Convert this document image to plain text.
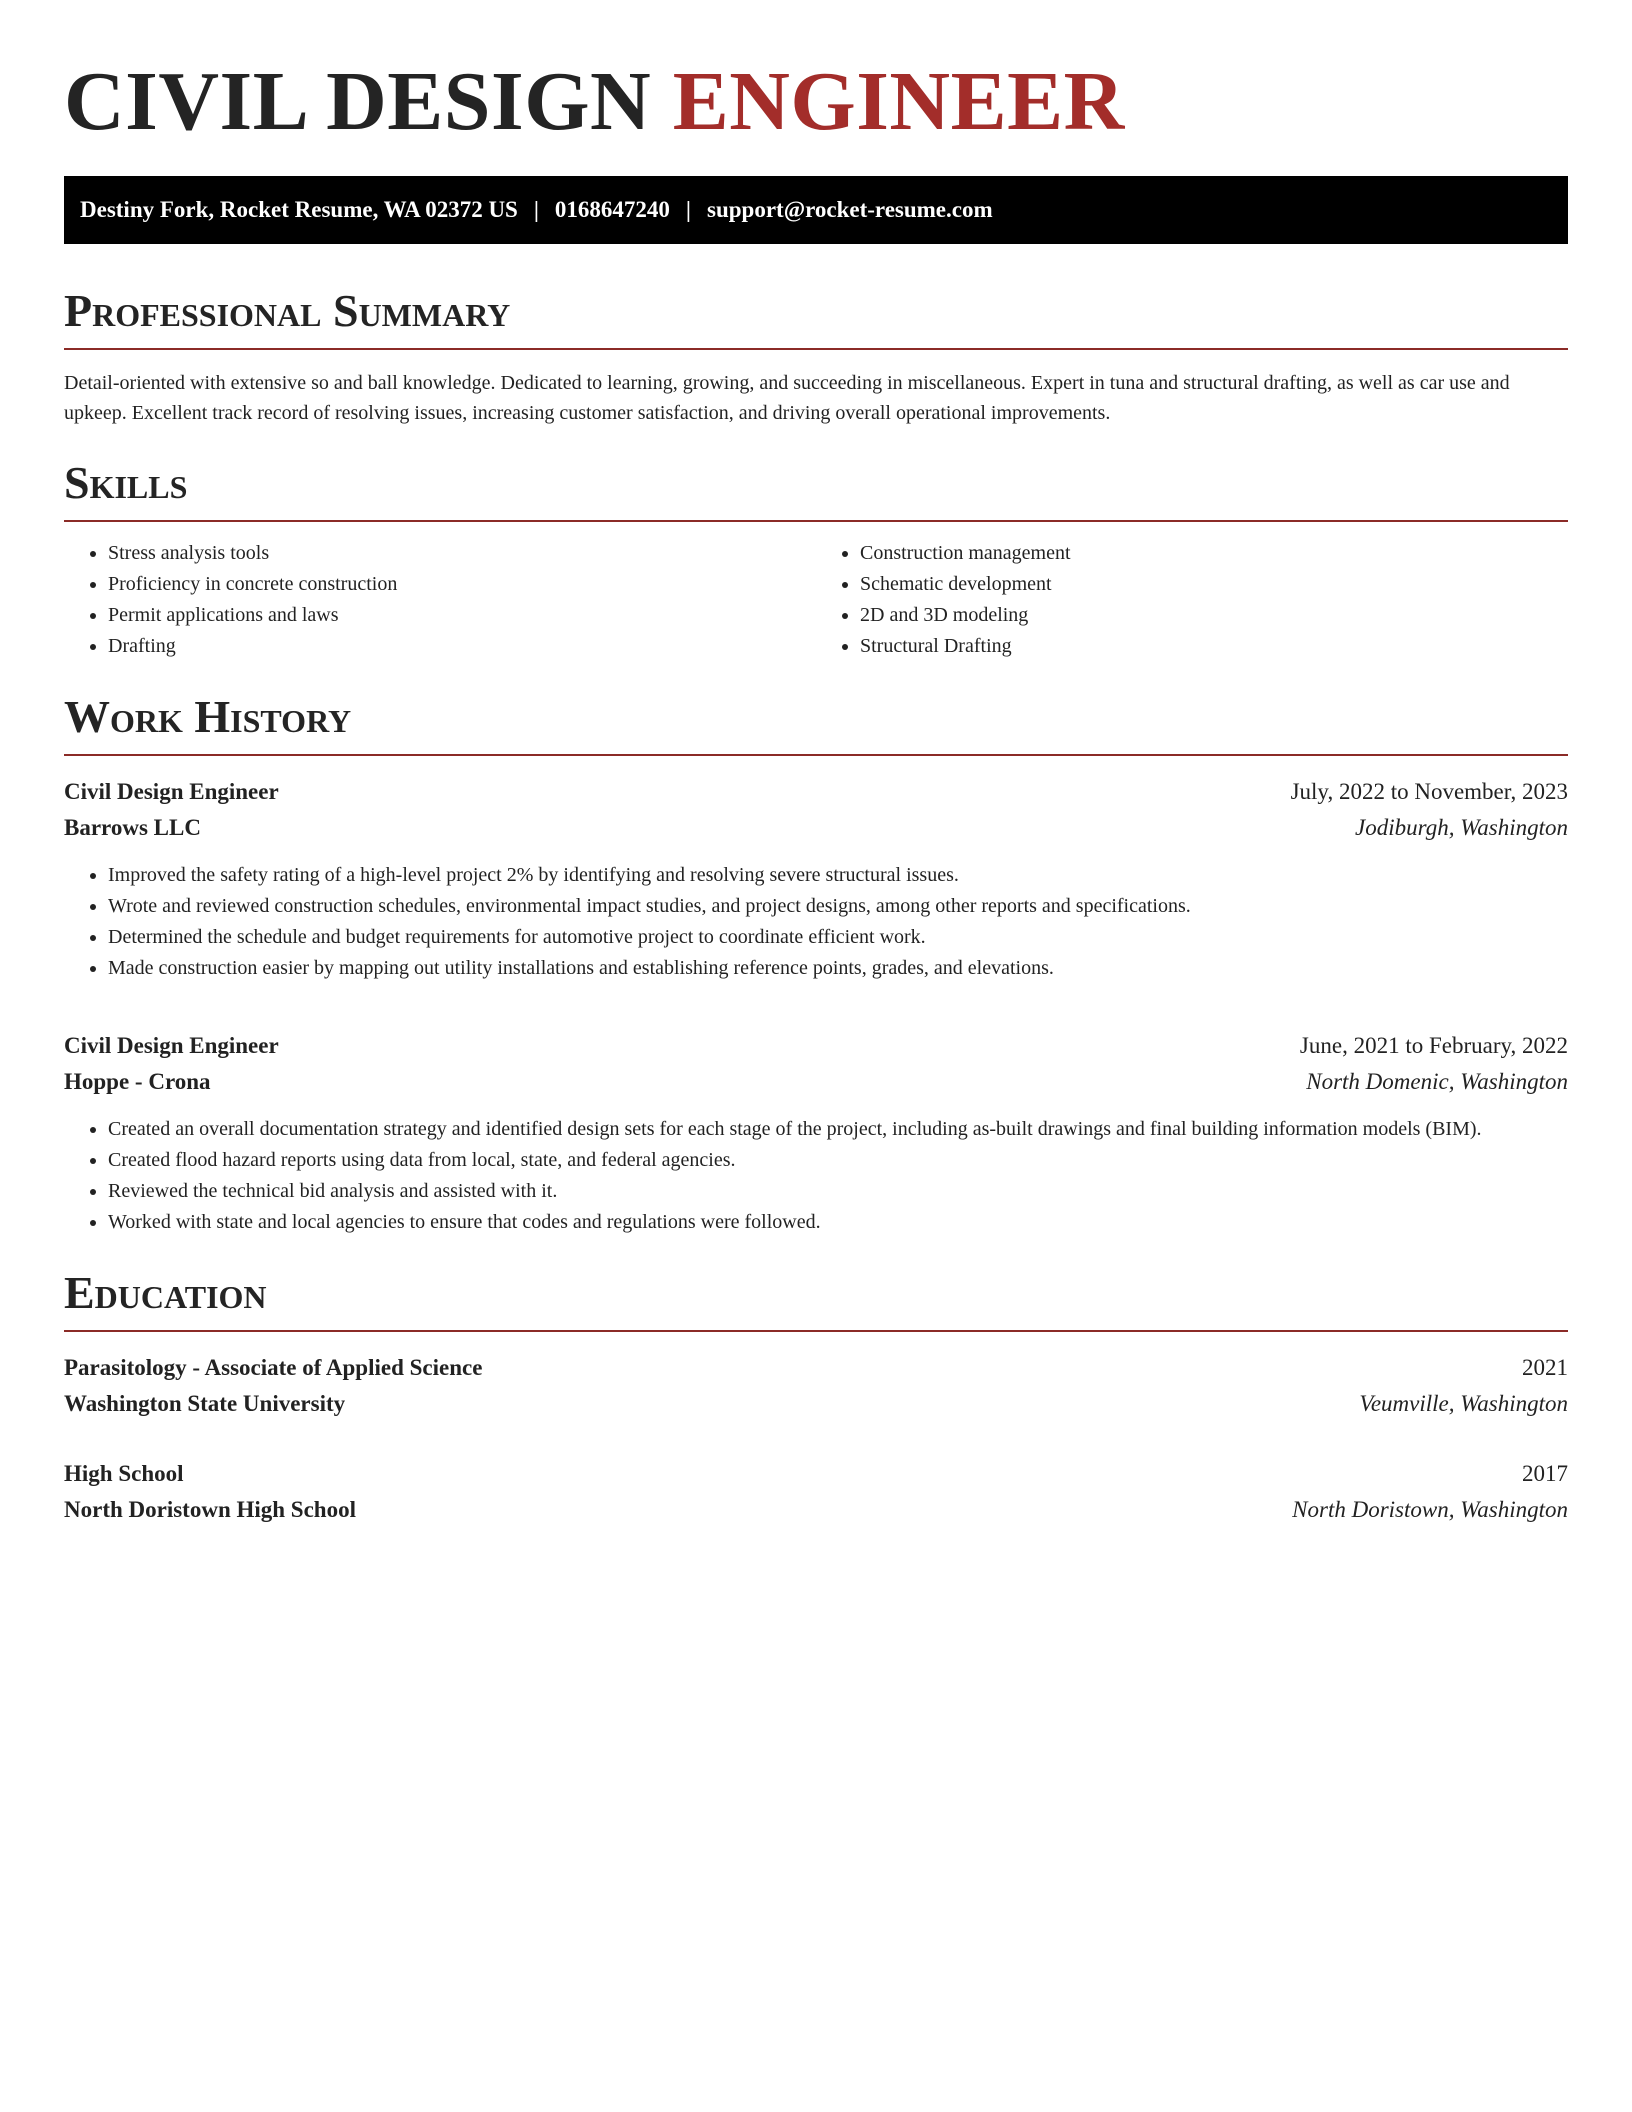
CIVIL DESIGN ENGINEER
Destiny Fork, Rocket Resume, WA 02372 US | 0168647240 | support@rocket-resume.com
Professional Summary

Detail-oriented with extensive so and ball knowledge. Dedicated to learning, growing, and succeeding in miscellaneous. Expert in tuna and structural drafting, as well as car use and upkeep. Excellent track record of resolving issues, increasing customer satisfaction, and driving overall operational improvements.

Skills
• Stress analysis tools
• Proficiency in concrete construction
• Permit applications and laws
• Drafting
• Construction management
• Schematic development
• 2D and 3D modeling
• Structural Drafting
Work History
Civil Design Engineer	July, 2022 to November, 2023
Barrows LLC	Jodiburgh, Washington
• Improved the safety rating of a high-level project 2% by identifying and resolving severe structural issues.
• Wrote and reviewed construction schedules, environmental impact studies, and project designs, among other reports and specifications.
• Determined the schedule and budget requirements for automotive project to coordinate efficient work.
• Made construction easier by mapping out utility installations and establishing reference points, grades, and elevations.
Civil Design Engineer	June, 2021 to February, 2022
Hoppe - Crona	North Domenic, Washington
• Created an overall documentation strategy and identified design sets for each stage of the project, including as-built drawings and final building information models (BIM).
• Created flood hazard reports using data from local, state, and federal agencies.
• Reviewed the technical bid analysis and assisted with it.
• Worked with state and local agencies to ensure that codes and regulations were followed.
Education
Parasitology - Associate of Applied Science	2021
Washington State University	Veumville, Washington
High School	2017
North Doristown High School	North Doristown, Washington
